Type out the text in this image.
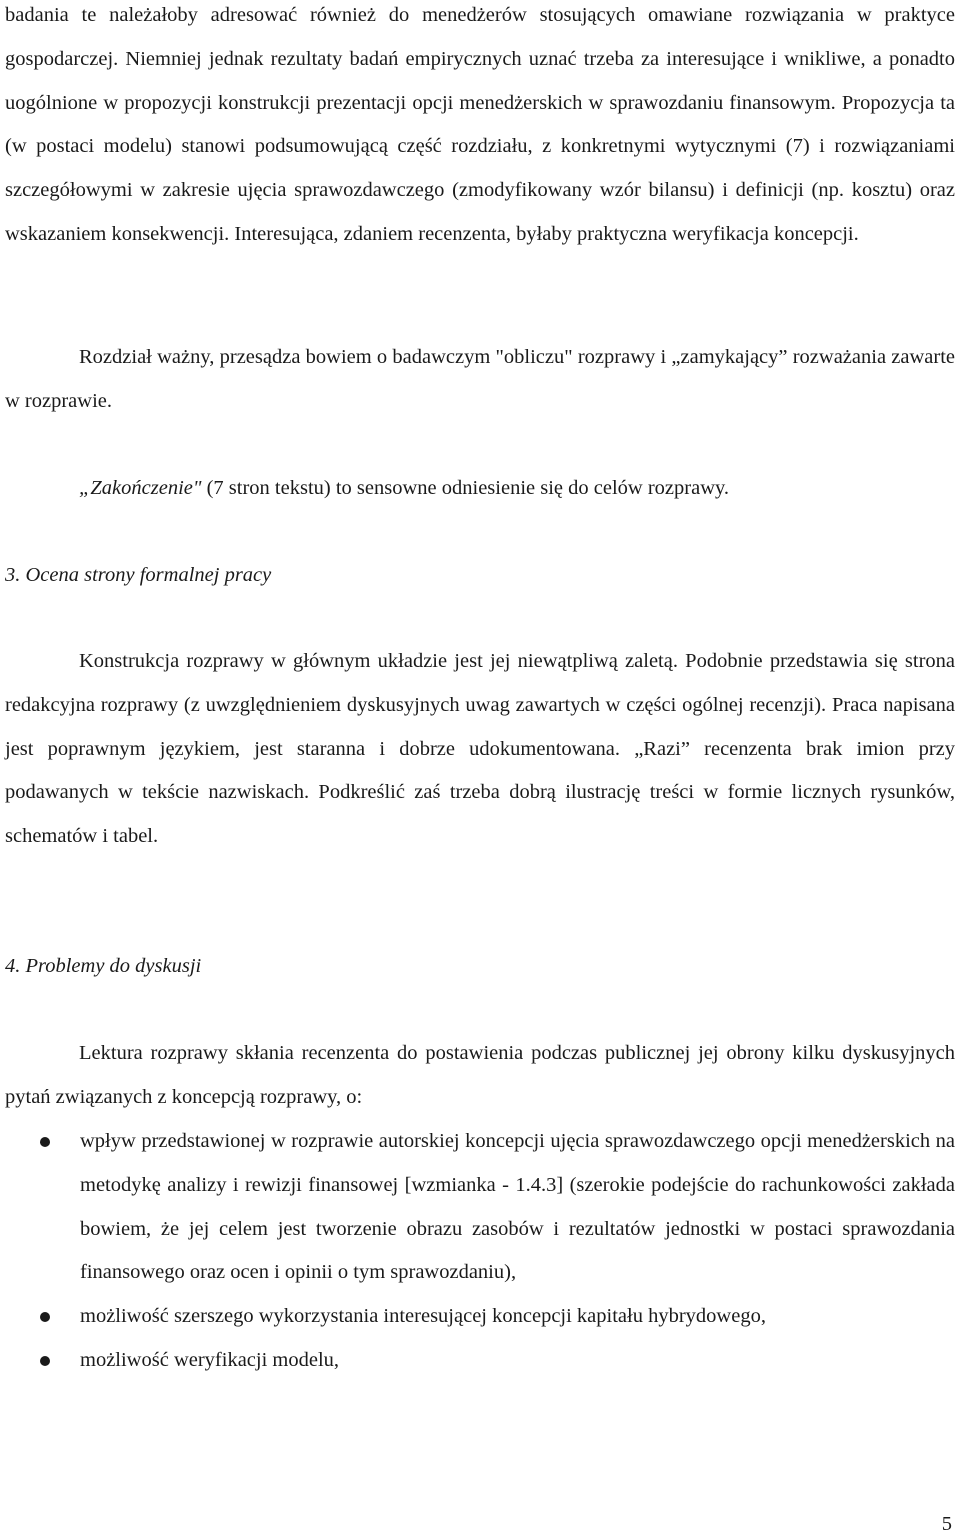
badania te należałoby adresować również do menedżerów stosujących omawiane rozwiązania w praktyce gospodarczej. Niemniej jednak rezultaty badań empirycznych uznać trzeba za interesujące i wnikliwe, a ponadto uogólnione w propozycji konstrukcji prezentacji opcji menedżerskich w sprawozdaniu finansowym. Propozycja ta (w postaci modelu) stanowi podsumowującą część rozdziału, z konkretnymi wytycznymi (7) i rozwiązaniami szczegółowymi w zakresie ujęcia sprawozdawczego (zmodyfikowany wzór bilansu) i definicji (np. kosztu) oraz wskazaniem konsekwencji. Interesująca, zdaniem recenzenta, byłaby praktyczna weryfikacja koncepcji.

Rozdział ważny, przesądza bowiem o badawczym "obliczu" rozprawy i „zamykający” rozważania zawarte w rozprawie.

„Zakończenie" (7 stron tekstu) to sensowne odniesienie się do celów rozprawy.

3. Ocena strony formalnej pracy

Konstrukcja rozprawy w głównym układzie jest jej niewątpliwą zaletą. Podobnie przedstawia się strona redakcyjna rozprawy (z uwzględnieniem dyskusyjnych uwag zawartych w części ogólnej recenzji). Praca napisana jest poprawnym językiem, jest staranna i dobrze udokumentowana. „Razi” recenzenta brak imion przy podawanych w tekście nazwiskach. Podkreślić zaś trzeba dobrą ilustrację treści w formie licznych rysunków, schematów i tabel.

4. Problemy do dyskusji

Lektura rozprawy skłania recenzenta do postawienia podczas publicznej jej obrony kilku dyskusyjnych pytań związanych z koncepcją rozprawy, o:

wpływ przedstawionej w rozprawie autorskiej koncepcji ujęcia sprawozdawczego opcji menedżerskich na metodykę analizy i rewizji finansowej [wzmianka - 1.4.3] (szerokie podejście do rachunkowości zakłada bowiem, że jej celem jest tworzenie obrazu zasobów i rezultatów jednostki w postaci sprawozdania finansowego oraz ocen i opinii o tym sprawozdaniu),
możliwość szerszego wykorzystania interesującej koncepcji kapitału hybrydowego,
możliwość weryfikacji modelu,
5
